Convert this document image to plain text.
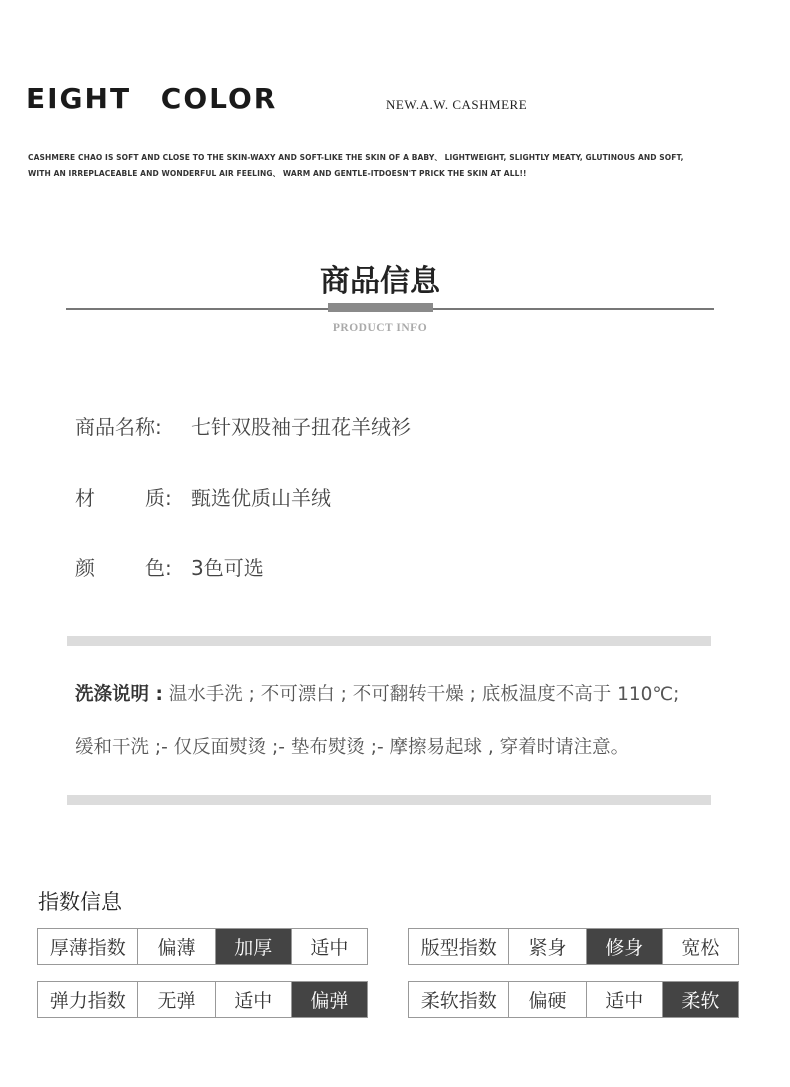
EIGHT COLOR	NEW.A.W. CASHMERE
CASHMERE CHAO IS SOFT AND CLOSE TO THE SKIN-WAXY AND SOFT-LIKE THE SKIN OF A BABY、 LIGHTWEIGHT, SLIGHTLY MEATY, GLUTINOUS AND SOFT,
WITH AN IRREPLACEABLE AND WONDERFUL AIR FEELING、 WARM AND GENTLE-ITDOESN'T PRICK THE SKIN AT ALL!!
商品信息
PRODUCT INFO
商品名称: 七针双股袖子扭花羊绒衫
材	质: 甄选优质山羊绒
颜	色: 3色可选
洗涤说明 : 温水手洗 ; 不可漂白 ; 不可翻转干燥 ; 底板温度不高于 110℃;
缓和干洗 ;- 仅反面熨烫 ;- 垫布熨烫 ;- 摩擦易起球 , 穿着时请注意。
指数信息
厚薄指数	偏薄	加厚	适中
弹力指数	无弹	适中	偏弹
版型指数	紧身	修身	宽松
柔软指数	偏硬	适中	柔软
